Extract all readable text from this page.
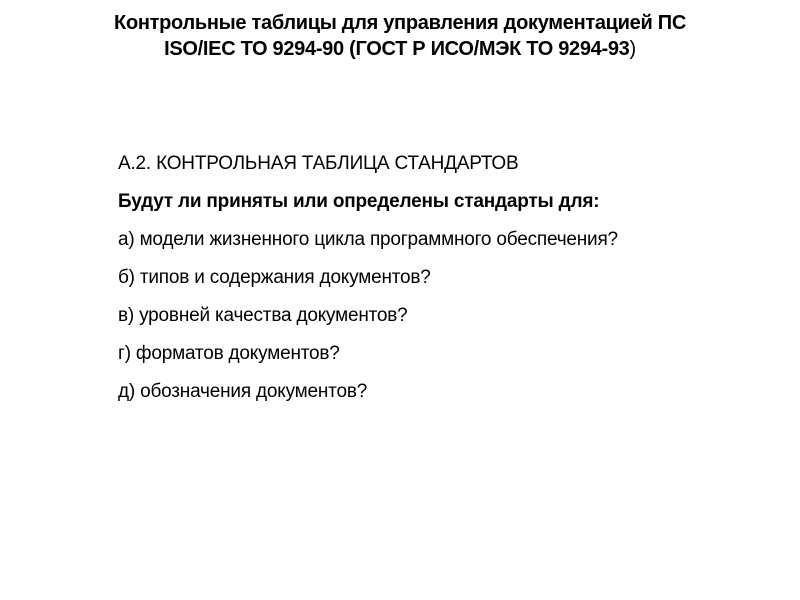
Контрольные таблицы для управления документацией ПС
ISO/IEC ТО 9294-90 (ГОСТ Р ИСО/МЭК ТО 9294-93)
А.2. КОНТРОЛЬНАЯ ТАБЛИЦА СТАНДАРТОВ
Будут ли приняты или определены стандарты для:
а) модели жизненного цикла программного обеспечения?
б) типов и содержания документов?
в) уровней качества документов?
г) форматов документов?
д) обозначения документов?
